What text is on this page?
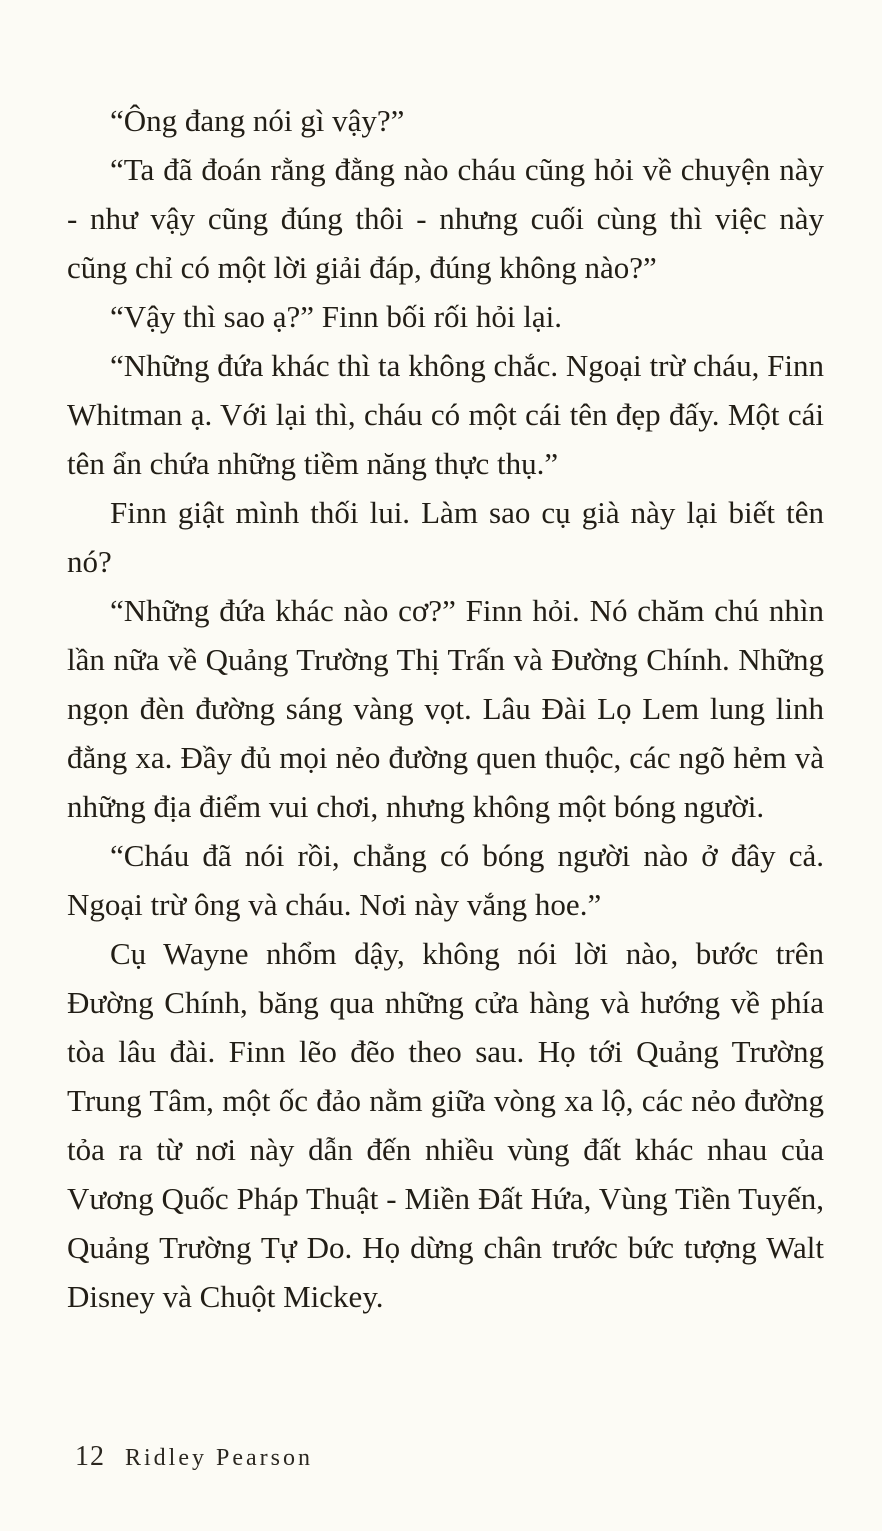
“Ông đang nói gì vậy?”

“Ta đã đoán rằng đằng nào cháu cũng hỏi về chuyện này - như vậy cũng đúng thôi - nhưng cuối cùng thì việc này cũng chỉ có một lời giải đáp, đúng không nào?”

“Vậy thì sao ạ?” Finn bối rối hỏi lại.

“Những đứa khác thì ta không chắc. Ngoại trừ cháu, Finn Whitman ạ. Với lại thì, cháu có một cái tên đẹp đấy. Một cái tên ẩn chứa những tiềm năng thực thụ.”

Finn giật mình thối lui. Làm sao cụ già này lại biết tên nó?

“Những đứa khác nào cơ?” Finn hỏi. Nó chăm chú nhìn lần nữa về Quảng Trường Thị Trấn và Đường Chính. Những ngọn đèn đường sáng vàng vọt. Lâu Đài Lọ Lem lung linh đằng xa. Đầy đủ mọi nẻo đường quen thuộc, các ngõ hẻm và những địa điểm vui chơi, nhưng không một bóng người.

“Cháu đã nói rồi, chẳng có bóng người nào ở đây cả. Ngoại trừ ông và cháu. Nơi này vắng hoe.”

Cụ Wayne nhổm dậy, không nói lời nào, bước trên Đường Chính, băng qua những cửa hàng và hướng về phía tòa lâu đài. Finn lẽo đẽo theo sau. Họ tới Quảng Trường Trung Tâm, một ốc đảo nằm giữa vòng xa lộ, các nẻo đường tỏa ra từ nơi này dẫn đến nhiều vùng đất khác nhau của Vương Quốc Pháp Thuật - Miền Đất Hứa, Vùng Tiền Tuyến, Quảng Trường Tự Do. Họ dừng chân trước bức tượng Walt Disney và Chuột Mickey.

12 Ridley Pearson
